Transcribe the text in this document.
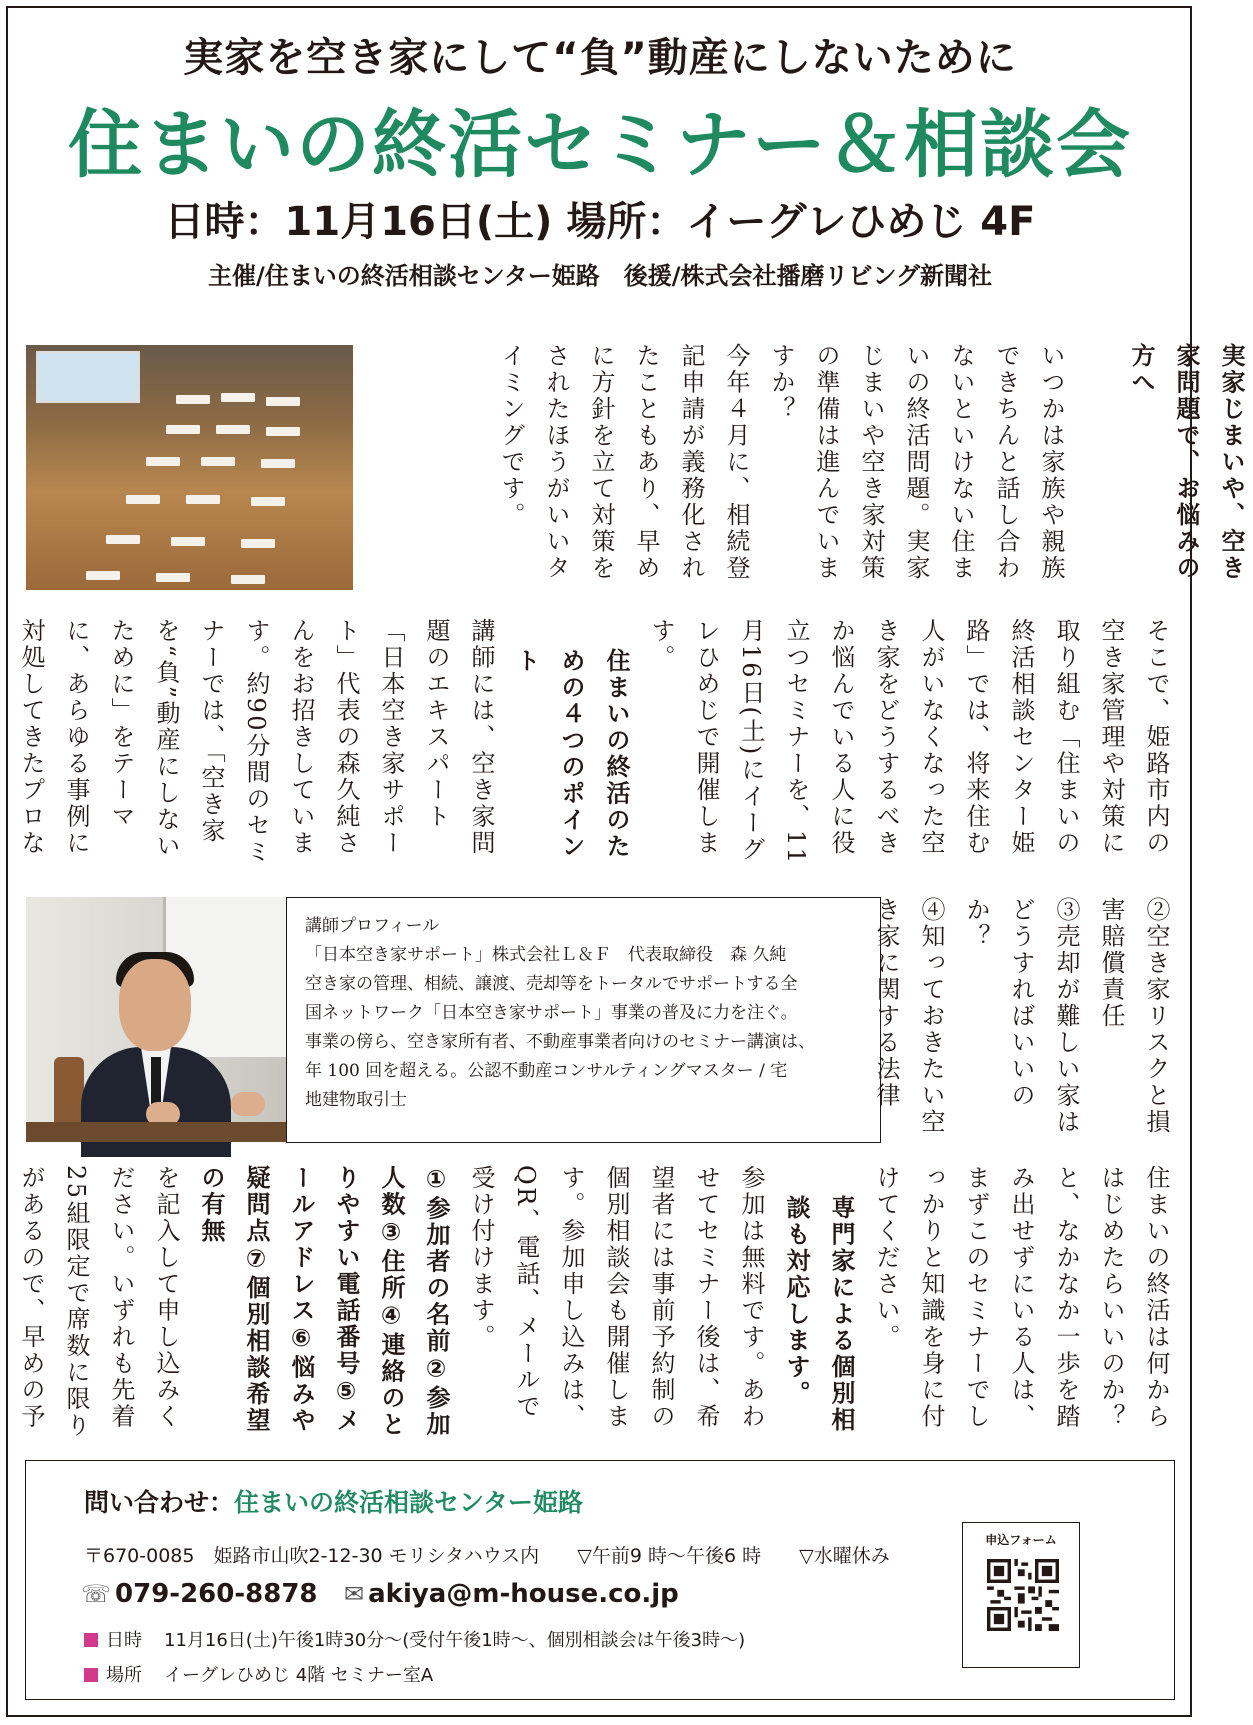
実家を空き家にして“負”動産にしないために
住まいの終活セミナー＆相談会
日時：11月16日(土) 場所：イーグレひめじ 4F
主催/住まいの終活相談センター姫路　後援/株式会社播磨リビング新聞社
実家じまいや、空き家問題で、お悩みの方へ

いつかは家族や親族できちんと話し合わないといけない住まいの終活問題。実家じまいや空き家対策の準備は進んでいますか？

今年４月に、相続登記申請が義務化されたこともあり、早めに方針を立て対策をされたほうがいいタイミングです。

そこで、姫路市内の空き家管理や対策に取り組む「住まいの終活相談センター姫路」では、将来住む人がいなくなった空き家をどうするべきか悩んでいる人に役立つセミナーを、11月16日(土)にイーグレひめじで開催します。

住まいの終活のための４つのポイント

講師には、空き家問題のエキスパート「日本空き家サポート」代表の森久純さんをお招きしています。約90分間のセミナーでは、「空き家を“負”動産にしないために」をテーマに、あらゆる事例に対処してきたプロな

②空き家リスクと損害賠償責任

③売却が難しい家はどうすればいいのか？

④知っておきたい空き家に関する法律

講師プロフィール
「日本空き家サポート」株式会社Ｌ＆Ｆ　代表取締役　森 久純
空き家の管理、相続、譲渡、売却等をトータルでサポートする全
国ネットワーク「日本空き家サポート」事業の普及に力を注ぐ。
事業の傍ら、空き家所有者、不動産事業者向けのセミナー講演は、
年 100 回を超える。公認不動産コンサルティングマスター / 宅
地建物取引士

住まいの終活は何からはじめたらいいのか？と、なかなか一歩を踏み出せずにいる人は、まずこのセミナーでしっかりと知識を身に付けてください。

専門家による個別相談も対応します。

参加は無料です。あわせてセミナー後は、希望者には事前予約制の個別相談会も開催します。参加申し込みは、QR、電話、メールで受け付けます。

①参加者の名前②参加人数③住所④連絡のとりやすい電話番号⑤メールアドレス⑥悩みや疑問点⑦個別相談希望の有無

を記入して申し込みください。いずれも先着25組限定で席数に限りがあるので、早めの予

問い合わせ：住まいの終活相談センター姫路
〒670-0085　姫路市山吹2-12-30 モリシタハウス内 ▽午前9 時～午後6 時 ▽水曜休み
☏ 079-260-8878 ✉ akiya@m-house.co.jp
日時 11月16日(土)午後1時30分～(受付午後1時～、個別相談会は午後3時～)
場所 イーグレひめじ 4階 セミナー室A
申込フォーム
